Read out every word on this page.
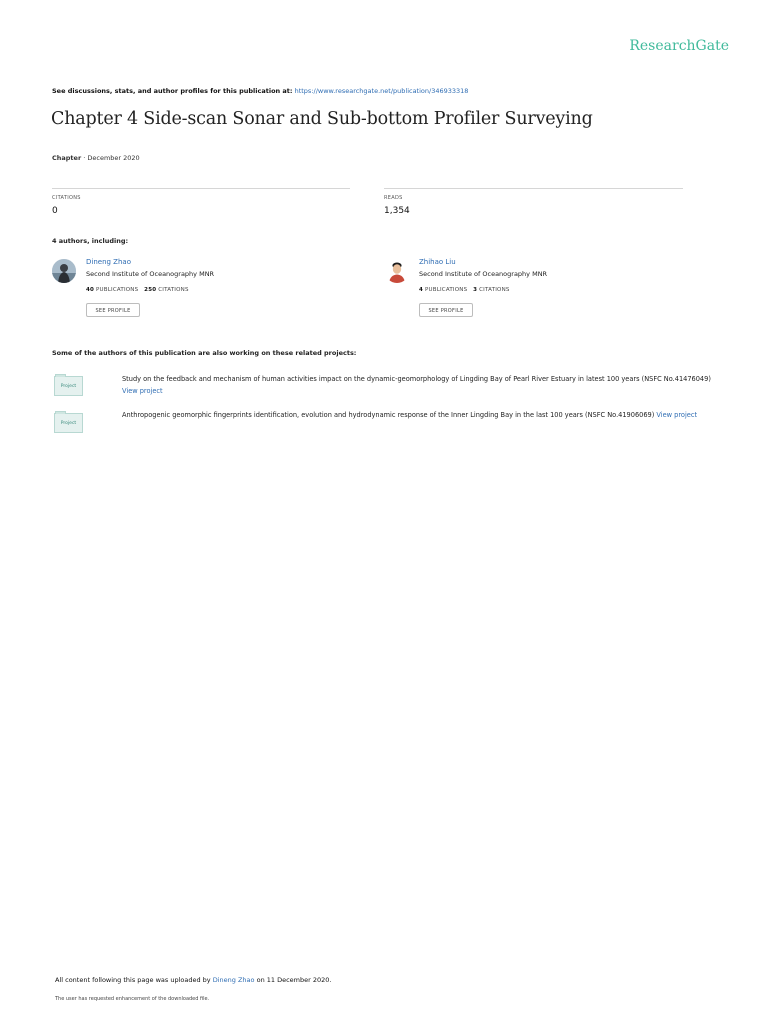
ResearchGate
See discussions, stats, and author profiles for this publication at: https://www.researchgate.net/publication/346933318
Chapter 4 Side-scan Sonar and Sub-bottom Profiler Surveying
Chapter · December 2020
CITATIONS
0
READS
1,354
4 authors, including:
Dineng Zhao
Second Institute of Oceanography MNR
40 PUBLICATIONS 250 CITATIONS
SEE PROFILE
Zhihao Liu
Second Institute of Oceanography MNR
4 PUBLICATIONS 3 CITATIONS
SEE PROFILE
Some of the authors of this publication are also working on these related projects:
Project
Study on the feedback and mechanism of human activities impact on the dynamic-geomorphology of Lingding Bay of Pearl River Estuary in latest 100 years (NSFC No.41476049) View project
Project
Anthropogenic geomorphic fingerprints identification, evolution and hydrodynamic response of the Inner Lingding Bay in the last 100 years (NSFC No.41906069) View project
All content following this page was uploaded by Dineng Zhao on 11 December 2020.
The user has requested enhancement of the downloaded file.
